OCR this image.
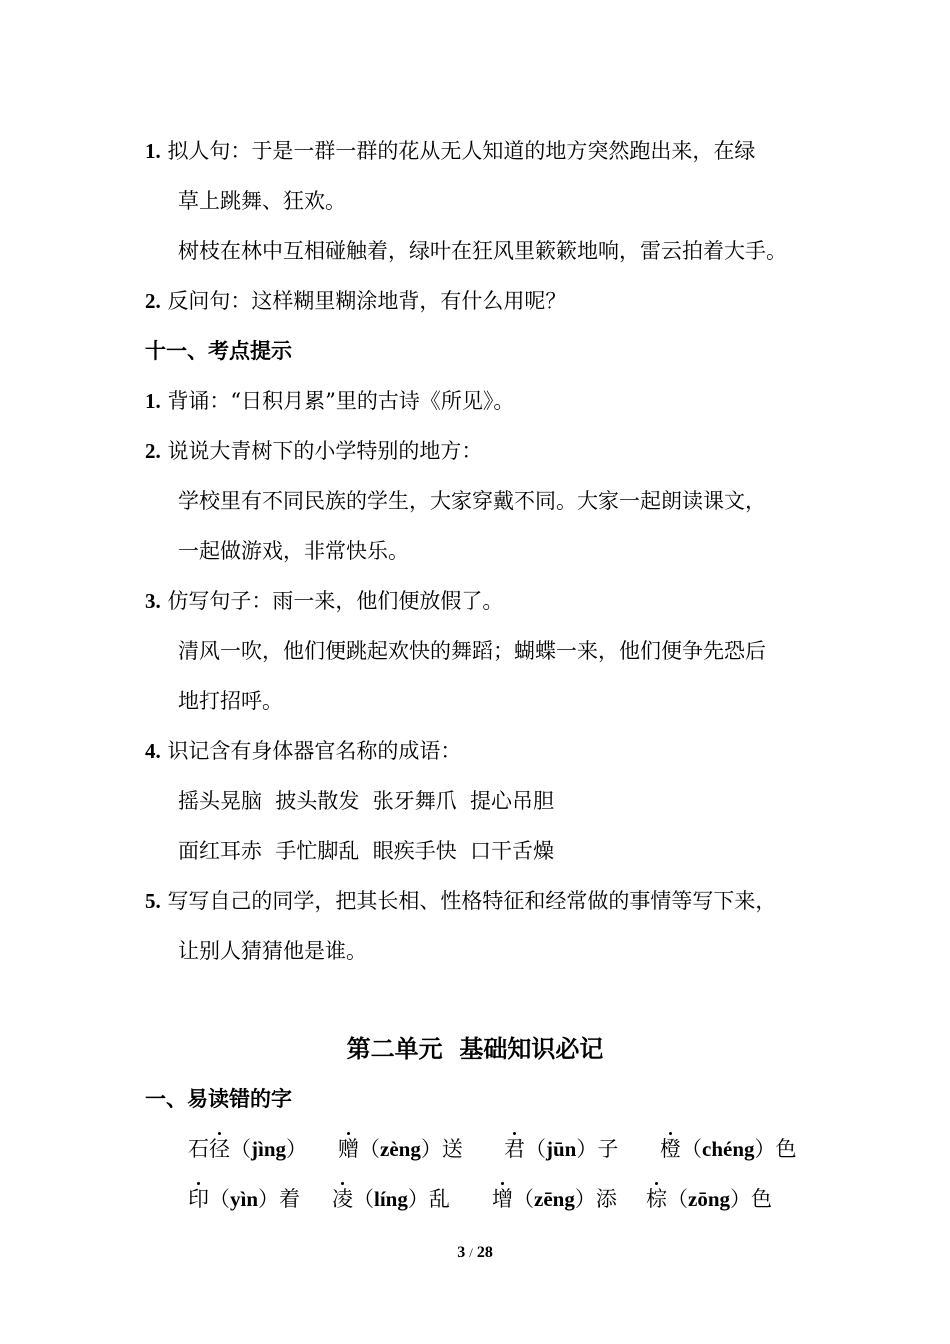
1. 拟人句：于是一群一群的花从无人知道的地方突然跑出来，在绿
草上跳舞、狂欢。
树枝在林中互相碰触着，绿叶在狂风里簌簌地响，雷云拍着大手。
2. 反问句：这样糊里糊涂地背，有什么用呢？
十一、考点提示
1. 背诵：“日积月累”里的古诗《所见》。
2. 说说大青树下的小学特别的地方：
学校里有不同民族的学生，大家穿戴不同。大家一起朗读课文，
一起做游戏，非常快乐。
3. 仿写句子：雨一来，他们便放假了。
清风一吹，他们便跳起欢快的舞蹈；蝴蝶一来，他们便争先恐后
地打招呼。
4. 识记含有身体器官名称的成语：
摇头晃脑  披头散发  张牙舞爪  提心吊胆
面红耳赤  手忙脚乱  眼疾手快  口干舌燥
5. 写写自己的同学，把其长相、性格特征和经常做的事情等写下来，
让别人猜猜他是谁。
第二单元  基础知识必记
一、易读错的字
石径（jìng） 赠（zèng）送 君（jūn）子 橙（chéng）色
印（yìn）着 凌（líng）乱 增（zēng）添 棕（zōng）色
3 / 28
